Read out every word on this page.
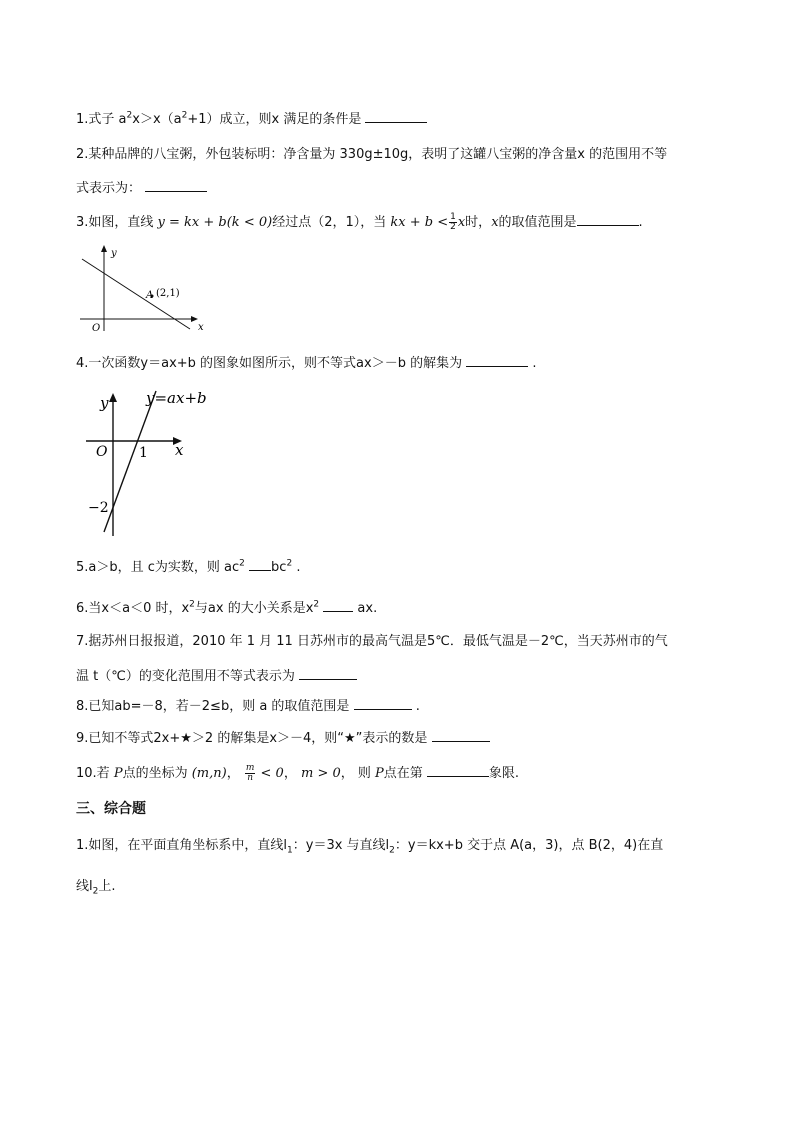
1.式子 $a^2x>x(a^2+1)$成立，则x 满足的条件是
2.某种品牌的八宝粥，外包装标明：净含量为 330g±10g，表明了这罐八宝粥的净含量x 的范围用不等
式表示为：
3.如图，直线 y = kx + b(k < 0)经过点（2，1），当 kx + $b < \frac{1}{2}$ x时，x的取值范围是	.
y
x
O
A (2,1)
4.一次函数y＝ax+b 的图象如图所示，则不等式ax＞－b 的解集为	.
y
x
O 1
−2
y=ax+b
5.a＞b，且 c为实数，则 $ac^2$ $bc^2$ .
6.当x＜a＜0 时，$x^2$与ax 的大小关系是$x^2$	ax.
7.据苏州日报报道，2010 年 1 月 11 日苏州市的最高气温是5℃．最低气温是－2℃，当天苏州市的气
温 t（℃）的变化范围用不等式表示为
8.已知ab=－8，若－2≤b，则 a 的取值范围是	.
9.已知不等式2x+★＞2 的解集是x＞－4，则“★”表示的数是
10.若 P点的坐标为 (m,n)， $\frac{m}{n} < 0$， m > 0， 则 P点在第	象限.
三、综合题
1.如图，在平面直角坐标系中，直线$l_1$：y＝3x 与直线$l_2$：y＝kx+b 交于点 A(a，3)，点 B(2，4)在直
线$l_2$上.
